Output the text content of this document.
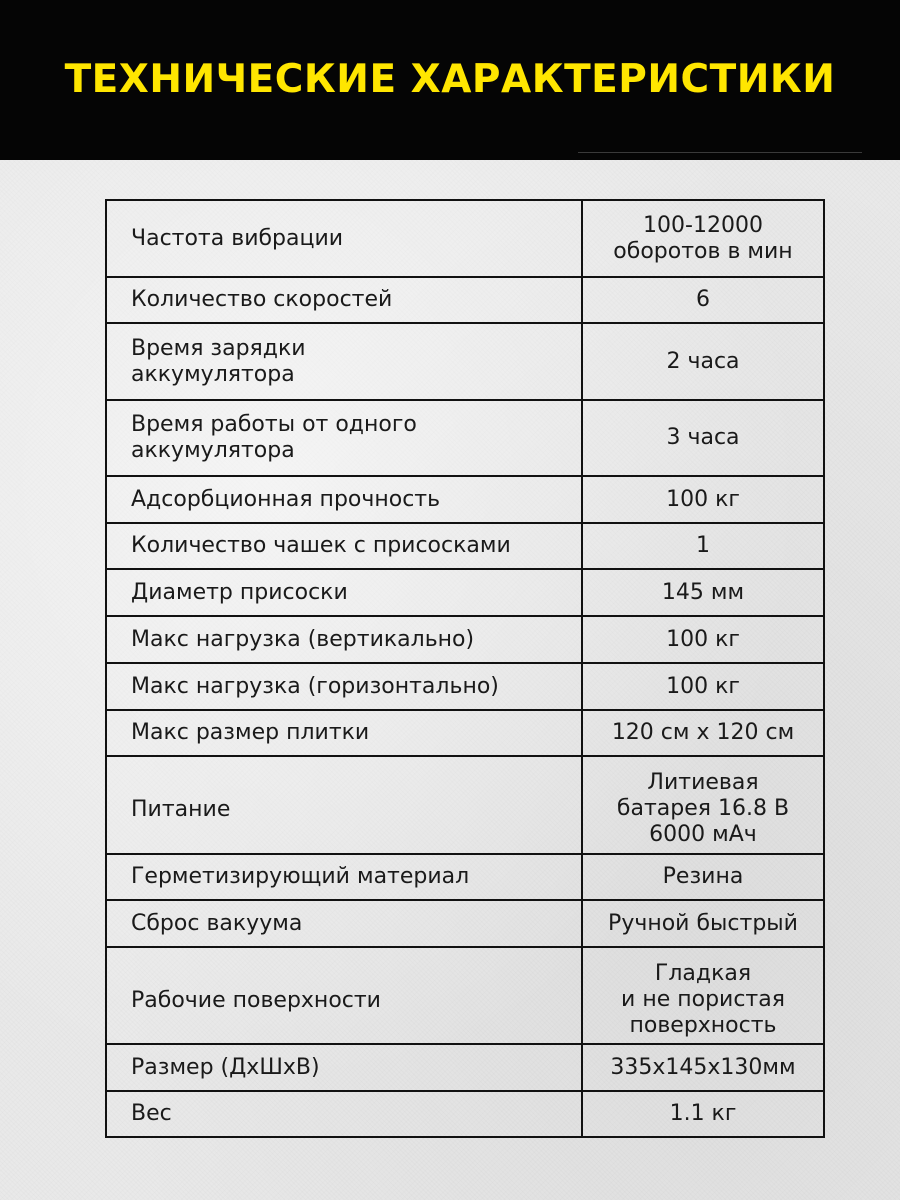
ТЕХНИЧЕСКИЕ ХАРАКТЕРИСТИКИ
Частота вибрации	100-12000
оборотов в мин

Количество скоростей	6

Время зарядки
аккумулятора	2 часа

Время работы от одного
аккумулятора	3 часа

Адсорбционная прочность	100 кг

Количество чашек с присосками	1

Диаметр присоски	145 мм

Макс нагрузка (вертикально)	100 кг

Макс нагрузка (горизонтально)	100 кг

Макс размер плитки	120 см х 120 см

Питание	Литиевая
батарея 16.8 В
6000 мАч

Герметизирующий материал	Резина

Сброс вакуума	Ручной быстрый

Рабочие поверхности	Гладкая
и не пористая
поверхность

Размер (ДхШхВ)	335х145х130мм

Вес	1.1 кг
